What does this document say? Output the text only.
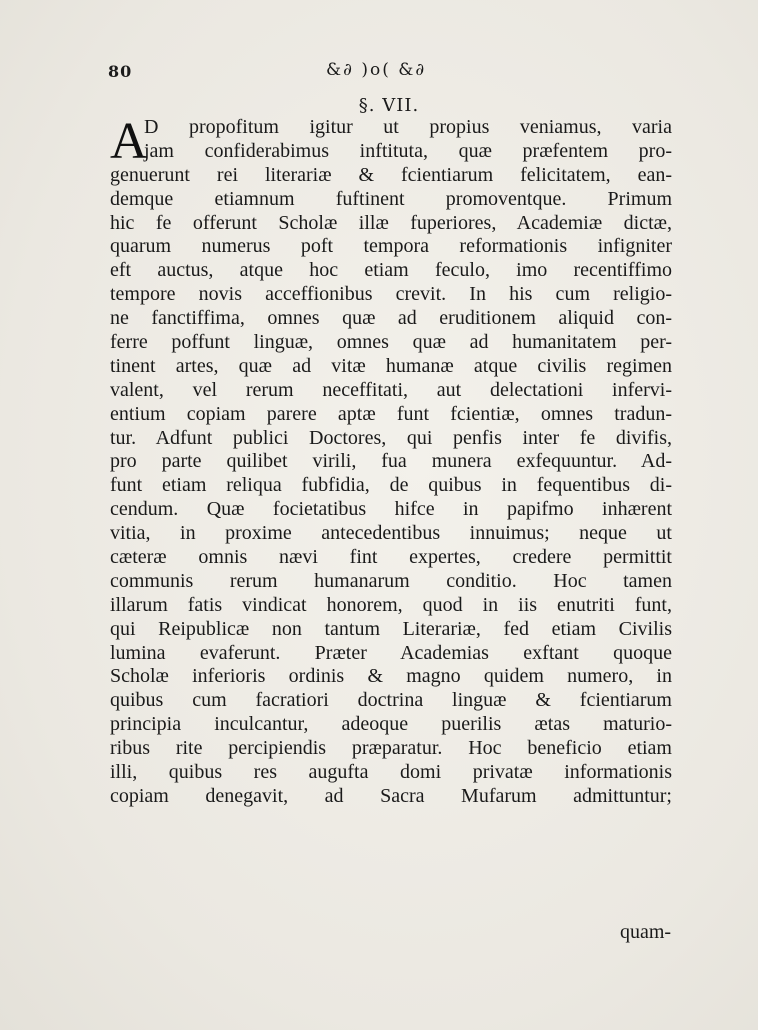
80	&∂ )o( &∂
§. VII.
A
D propofitum igitur ut propius veniamus, varia
jam confiderabimus inftituta, quæ præfentem pro-
genuerunt rei literariæ & fcientiarum felicitatem, ean-
demque etiamnum fuftinent promoventque. Primum
hic fe offerunt Scholæ illæ fuperiores, Academiæ dictæ,
quarum numerus poft tempora reformationis infigniter
eft auctus, atque hoc etiam feculo, imo recentiffimo
tempore novis acceffionibus crevit. In his cum religio-
ne fanctiffima, omnes quæ ad eruditionem aliquid con-
ferre poffunt linguæ, omnes quæ ad humanitatem per-
tinent artes, quæ ad vitæ humanæ atque civilis regimen
valent, vel rerum neceffitati, aut delectationi infervi-
entium copiam parere aptæ funt fcientiæ, omnes tradun-
tur. Adfunt publici Doctores, qui penfis inter fe divifis,
pro parte quilibet virili, fua munera exfequuntur. Ad-
funt etiam reliqua fubfidia, de quibus in fequentibus di-
cendum. Quæ focietatibus hifce in papifmo inhærent
vitia, in proxime antecedentibus innuimus; neque ut
cæteræ omnis nævi fint expertes, credere permittit
communis rerum humanarum conditio. Hoc tamen
illarum fatis vindicat honorem, quod in iis enutriti funt,
qui Reipublicæ non tantum Literariæ, fed etiam Civilis
lumina evaferunt. Præter Academias exftant quoque
Scholæ inferioris ordinis & magno quidem numero, in
quibus cum facratiori doctrina linguæ & fcientiarum
principia inculcantur, adeoque puerilis ætas maturio-
ribus rite percipiendis præparatur. Hoc beneficio etiam
illi, quibus res augufta domi privatæ informationis
copiam denegavit, ad Sacra Mufarum admittuntur;
quam-
